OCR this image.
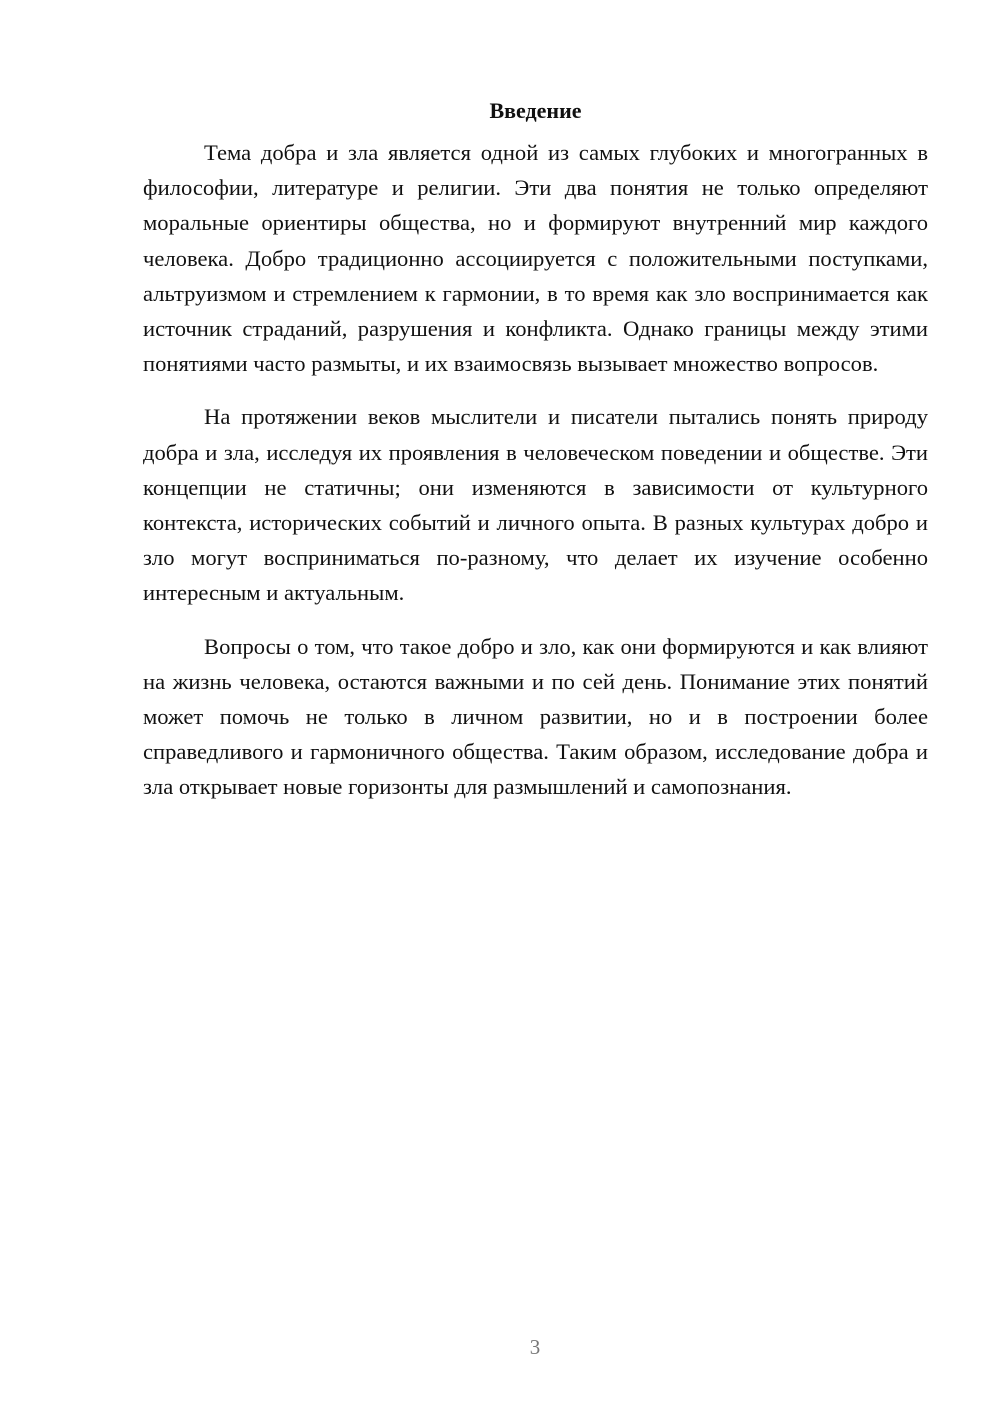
Введение

Тема добра и зла является одной из самых глубоких и многогранных в философии, литературе и религии. Эти два понятия не только определяют моральные ориентиры общества, но и формируют внутренний мир каждого человека. Добро традиционно ассоциируется с положительными поступками, альтруизмом и стремлением к гармонии, в то время как зло воспринимается как источник страданий, разрушения и конфликта. Однако границы между этими понятиями часто размыты, и их взаимосвязь вызывает множество вопросов.

На протяжении веков мыслители и писатели пытались понять природу добра и зла, исследуя их проявления в человеческом поведении и обществе. Эти концепции не статичны; они изменяются в зависимости от культурного контекста, исторических событий и личного опыта. В разных культурах добро и зло могут восприниматься по-разному, что делает их изучение особенно интересным и актуальным.

Вопросы о том, что такое добро и зло, как они формируются и как влияют на жизнь человека, остаются важными и по сей день. Понимание этих понятий может помочь не только в личном развитии, но и в построении более справедливого и гармоничного общества. Таким образом, исследование добра и зла открывает новые горизонты для размышлений и самопознания.

3
